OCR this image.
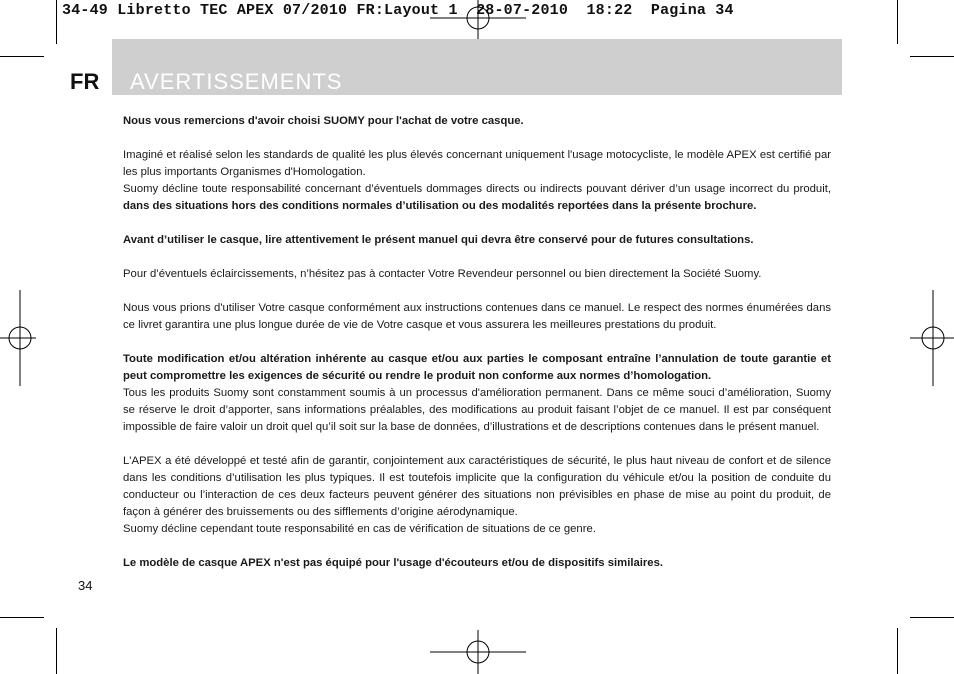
34-49 Libretto TEC APEX 07/2010 FR:Layout 1  28-07-2010  18:22  Pagina 34
FR AVERTISSEMENTS

Nous vous remercions d'avoir choisi SUOMY pour l'achat de votre casque.

Imaginé et réalisé selon les standards de qualité les plus élevés concernant uniquement l'usage motocycliste, le modèle APEX est certifié par les plus importants Organismes d'Homologation.

Suomy décline toute responsabilité concernant d’éventuels dommages directs ou indirects pouvant dériver d’un usage incorrect du produit, dans des situations hors des conditions normales d’utilisation ou des modalités reportées dans la présente brochure.

Avant d’utiliser le casque, lire attentivement le présent manuel qui devra être conservé pour de futures consultations.

Pour d’éventuels éclaircissements, n’hésitez pas à contacter Votre Revendeur personnel ou bien directement la Société Suomy.

Nous vous prions d'utiliser Votre casque conformément aux instructions contenues dans ce manuel. Le respect des normes énumérées dans ce livret garantira une plus longue durée de vie de Votre casque et vous assurera les meilleures prestations du produit.

Toute modification et/ou altération inhérente au casque et/ou aux parties le composant entraîne l’annulation de toute garantie et peut compromettre les exigences de sécurité ou rendre le produit non conforme aux normes d’homologation.

Tous les produits Suomy sont constamment soumis à un processus d'amélioration permanent. Dans ce même souci d’amélioration, Suomy se réserve le droit d’apporter, sans informations préalables, des modifications au produit faisant l’objet de ce manuel. Il est par conséquent impossible de faire valoir un droit quel qu’il soit sur la base de données, d’illustrations et de descriptions contenues dans le présent manuel.

L'APEX a été développé et testé afin de garantir, conjointement aux caractéristiques de sécurité, le plus haut niveau de confort et de silence dans les conditions d’utilisation les plus typiques. Il est toutefois implicite que la configuration du véhicule et/ou la position de conduite du conducteur ou l’interaction de ces deux facteurs peuvent générer des situations non prévisibles en phase de mise au point du produit, de façon à générer des bruissements ou des sifflements d’origine aérodynamique.

Suomy décline cependant toute responsabilité en cas de vérification de situations de ce genre.

Le modèle de casque APEX n'est pas équipé pour l'usage d'écouteurs et/ou de dispositifs similaires.

34
